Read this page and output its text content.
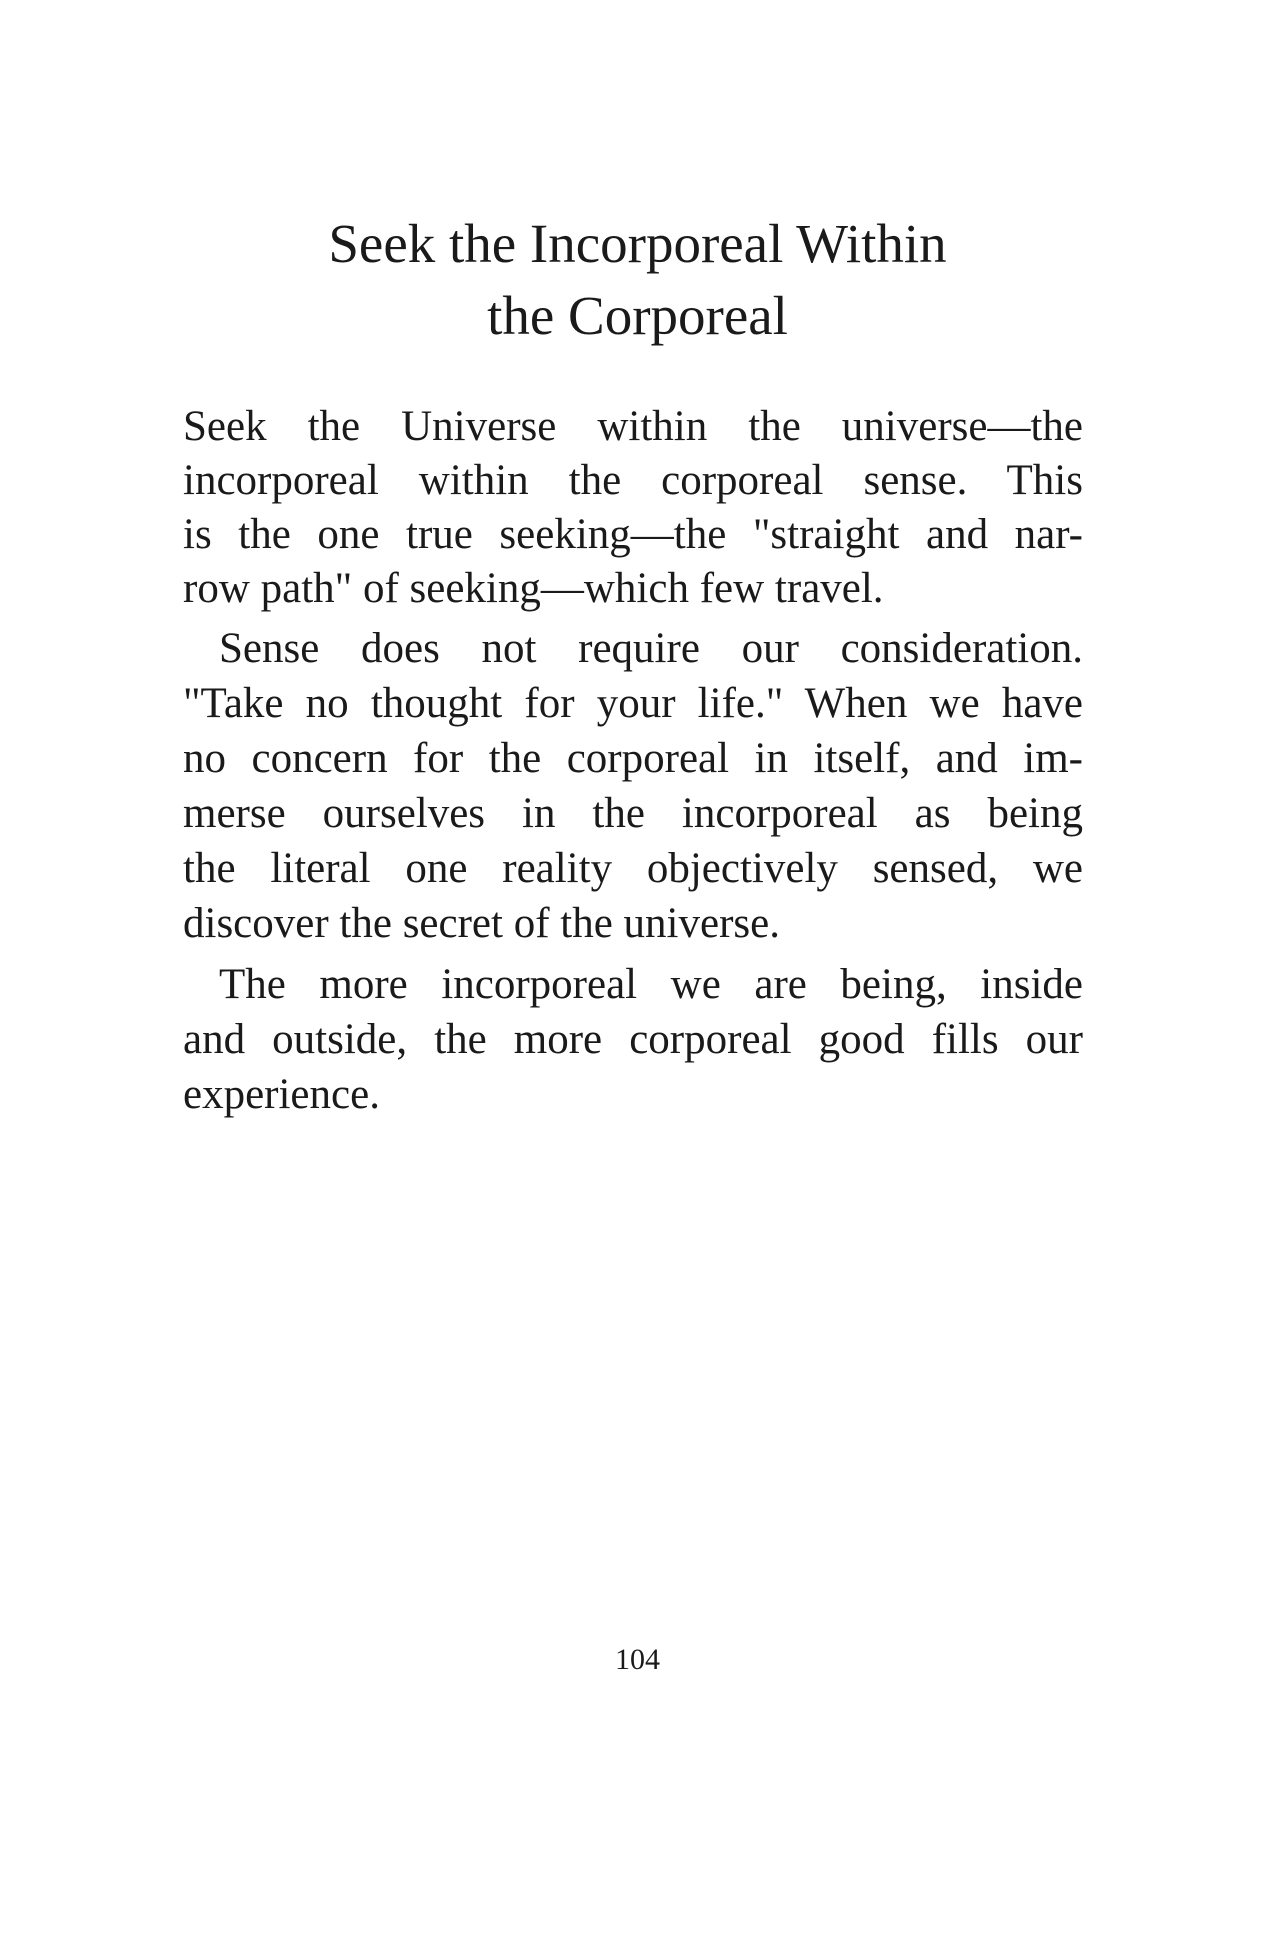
Seek the Incorporeal Within
the Corporeal

Seek the Universe within the universe—the

incorporeal within the corporeal sense. This

is the one true seeking—the "straight and nar-

row path" of seeking—which few travel.

Sense does not require our consideration.

"Take no thought for your life." When we have

no concern for the corporeal in itself, and im-

merse ourselves in the incorporeal as being

the literal one reality objectively sensed, we

discover the secret of the universe.

The more incorporeal we are being, inside

and outside, the more corporeal good fills our

experience.

104
